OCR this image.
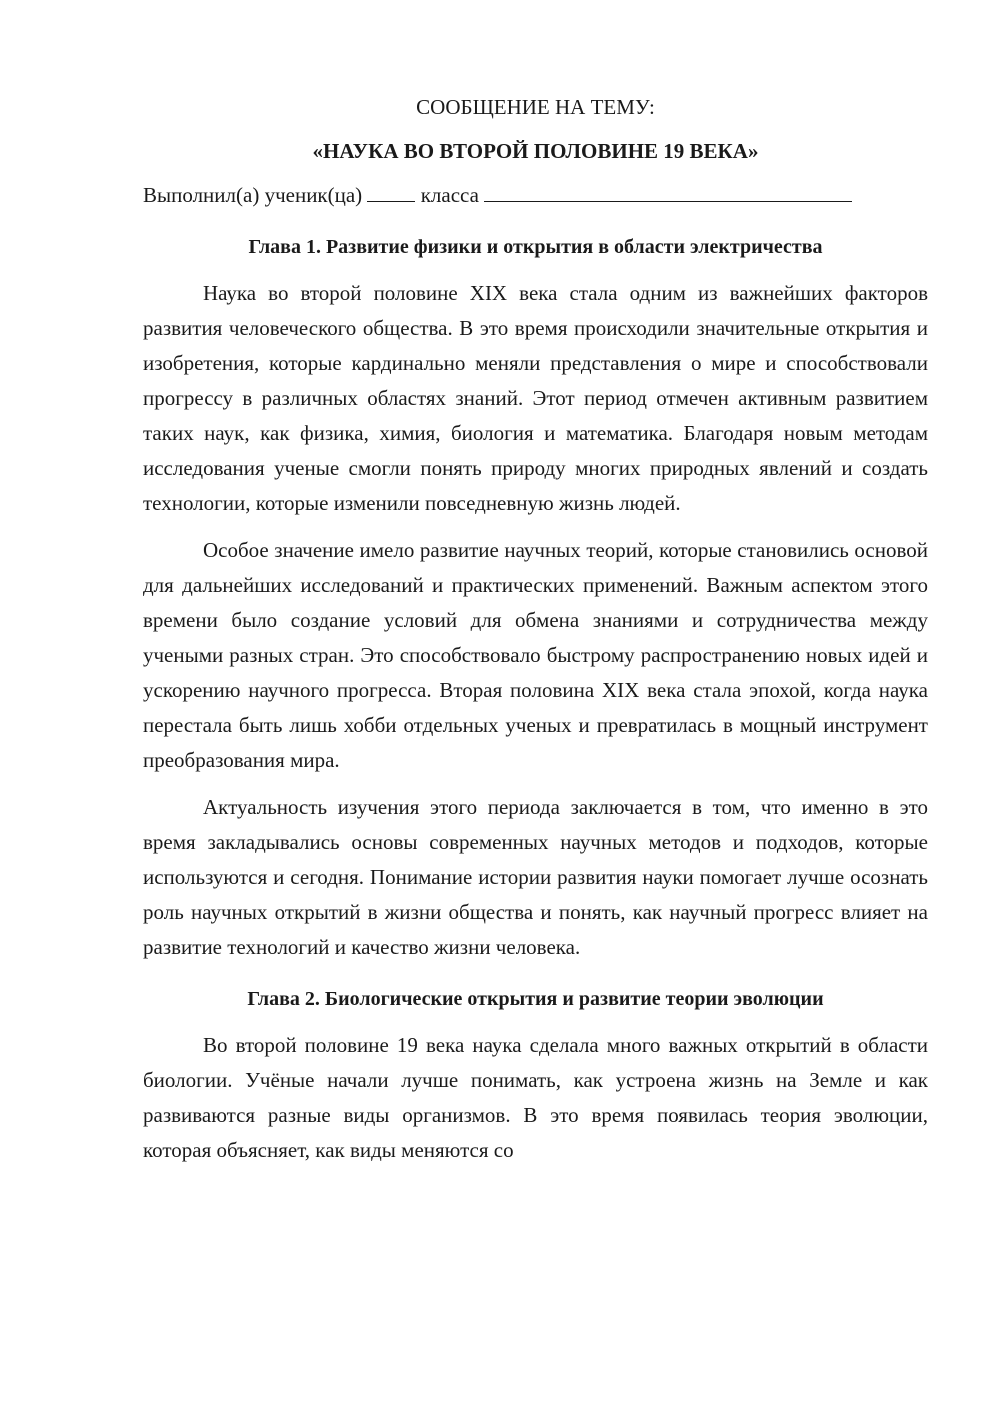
СООБЩЕНИЕ НА ТЕМУ:

«НАУКА ВО ВТОРОЙ ПОЛОВИНЕ 19 ВЕКА»

Выполнил(а) ученик(ца)	класса
Глава 1. Развитие физики и открытия в области электричества

Наука во второй половине XIX века стала одним из важнейших факторов развития человеческого общества. В это время происходили значительные открытия и изобретения, которые кардинально меняли представления о мире и способствовали прогрессу в различных областях знаний. Этот период отмечен активным развитием таких наук, как физика, химия, биология и математика. Благодаря новым методам исследования ученые смогли понять природу многих природных явлений и создать технологии, которые изменили повседневную жизнь людей.

Особое значение имело развитие научных теорий, которые становились основой для дальнейших исследований и практических применений. Важным аспектом этого времени было создание условий для обмена знаниями и сотрудничества между учеными разных стран. Это способствовало быстрому распространению новых идей и ускорению научного прогресса. Вторая половина XIX века стала эпохой, когда наука перестала быть лишь хобби отдельных ученых и превратилась в мощный инструмент преобразования мира.

Актуальность изучения этого периода заключается в том, что именно в это время закладывались основы современных научных методов и подходов, которые используются и сегодня. Понимание истории развития науки помогает лучше осознать роль научных открытий в жизни общества и понять, как научный прогресс влияет на развитие технологий и качество жизни человека.

Глава 2. Биологические открытия и развитие теории эволюции

Во второй половине 19 века наука сделала много важных открытий в области биологии. Учёные начали лучше понимать, как устроена жизнь на Земле и как развиваются разные виды организмов. В это время появилась теория эволюции, которая объясняет, как виды меняются со
